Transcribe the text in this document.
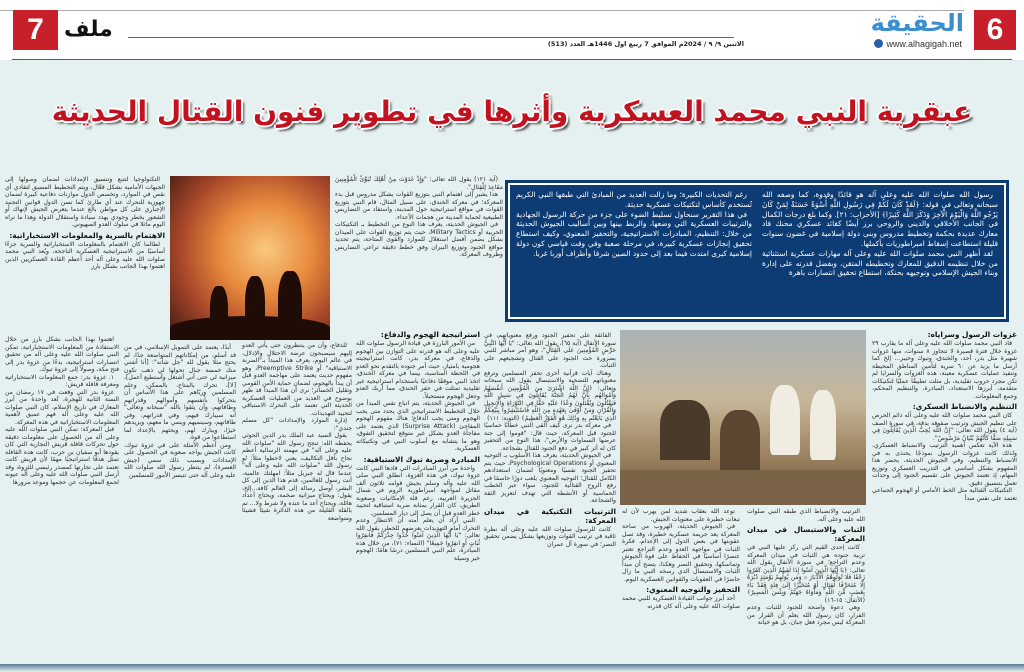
6
الحقيقة
www.alhagigah.net
الاثنين ٩/ ٩ / 2024م الموافق 7 ربيع اول 1446هـ العدد (513)
7 ملف
عبقرية النبي محمد العسكرية وأثرها في تطوير فنون القتال الحديثة
رغم التحديات الكبيرة؛ وما زالت العديد من المبادئ التي طبقها النبي الكريم تُستخدم كأساس لتكتيكات عسكرية حديثة.
في هذا التقرير سنحاول تسليط الضوء على جزء من حركة الرسول الجهادية والترتيبات العسكرية التي وضعها، والربط بينها وبين أساليب الجيوش الحديثة من خلال: التنظيم، المبادرات الاستراتيجية، والتحفيز المعنوي، وكيف استطاع تحقيق إنجازات عسكرية كبيرة، في مرحلة صعبة وفي وقت قياسي كون دولة إسلامية كبرى امتدت فيما بعد إلى حدود الصين شرقا وأطراف أوربا غربا.
رسول الله صلوات الله عليه وعلى آله هو قائدًا وقدوة، كما وصفه الله سبحانه وتعالى في قوله: ﴿لَقَدْ كَانَ لَكُمْ فِي رَسُولِ اللَّهِ أُسْوَةٌ حَسَنَةٌ لِمَنْ كَانَ يَرْجُو اللَّهَ وَالْيَوْمَ الْآخِرَ وَذَكَرَ اللَّهَ كَثِيرًا﴾ [الأحزاب: ٢١]. وكما بلغ درجات الكمال في الجانب الأخلاقي والديني والروحي برز أيضًا كقائد عسكري محنك قاد معارك عديدة بحكمة وتخطيط مدروس وبنى دولة إسلامية في غضون سنوات قليلة استطاعت إسقاط امبراطوريات بأكملها.
لقد أظهر النبي محمد صلوات الله عليه وعلى آله مهارات عسكرية استثنائية من خلال تنظيمه الدقيق للمعارك وتخطيطه المتقن، وبفضل قدرته على إدارة وبناء الجيش الإسلامي وتوجيهه بحنكة، استطاع تحقيق انتصارات باهرة
التكنولوجيا لتتبع وتنسيق الإمدادات لضمان وصولها إلى الجبهات الأمامية بشكل فعّال، ويتم التخطيط المسبق لتفادي أي نقص في الموارد، وتخصص الدول موازنات دفاعية كبيرة لضمان جهوزية للتحرك عند أي طارئ كما تسن الدول قوانين التجنيد الإجباري على كل مواطن بالغ عندما يتعرض الجيش لإنهاك أو الشعور بخطر وجودي يهدد سيادة واستقلال الدولة وهذا ما نراه اليوم ماثلا في سلوك العدو الصهيوني.
الاهتمام بالسرية والمعلومات الاستخباراتية:
لطالما كان الاهتمام بالمعلومات الاستخباراتية والسرية جزءًا أساسيًا من الاستراتيجية العسكرية الناجحة، ويُعد النبي محمد صلوات الله عليه وعلى آله أحد أعظم القادة العسكريين الذين اهتموا بهذا الجانب بشكل بارز
(آية ١٢١) يقول الله تعالى: "وَإِذْ غَدَوْتَ مِنْ أَهْلِكَ تُبَوِّئُ الْمُؤْمِنِينَ مَقَاعِدَ لِلْقِتَالِ".
هذا يشير إلى اهتمام النبي بتوزيع القوات بشكل مدروس قبل بدء المعركة؛ في معركة الخندق، على سبيل المثال، قام النبي بتوزيع القوات في مواقع استراتيجية حول المدينة، واستفاد من التضاريس الطبيعية لحماية المدينة من هجمات الأعداء.
في الجيوش الحديثة، يعرف هذا النوع من التخطيط بـ التكتيكات الحربية أو Military Tactics، حيث يتم توزيع القوات على الميدان بشكل يضمن أفضل استغلال للموارد والقوى المتاحة، يتم تحديد مواقع الجنود وتوزيع النيران وفق خطط دقيقة تراعي التضاريس وظروف المعركة.
غزوات الرسول وسراياه:
قاد النبي محمد صلوات الله عليه وعلى آله ما يقارب ٢٩ غزوة خلال فترة قصيرة لا تتجاوز ٨ سنوات، منها غزوات شهيرة مثل بدر، أحد، والخندق، وتبوك وخيبر... إلخ كما أرسل ما يزيد عن ٦٠ سرية لتأمين المناطق المحيطة وتنفيذ عمليات عسكرية معينة، هذه الغزوات والسرايا لم تكن مجرد حروب تقليدية، بل مثلت تطبيقًا عمليًا لتكتيكات متقدمة، أبرزها الاستعداد، المبادرة، والتنظيم المحكم، وجمع المعلومات.
التنظيم والانضباط العسكري:
كان النبي محمد صلوات الله عليه وعلى آله دائم الحرص على تنظيم الجيش وترتيب صفوفه بدقة، في سورة الصف (آية ٤) يقول الله تعالى: "إِنَّ اللَّهَ يُحِبُّ الَّذِينَ يُقَاتِلُونَ فِي سَبِيلِهِ صَفًّا كَأَنَّهُمْ بُنْيَانٌ مَرْصُوصٌ".
هذه الآية تعكس أهمية الترتيب والانضباط العسكري، ولذلك كانت غزوات الرسول نموذجًا يحتذى به في الانضباط والتنظيم، وفي الجيوش الحديثة، يحضر هذا المفهوم بشكل أساسي في التدريب العسكري وتوزيع المهام، إذ تعتمد الجيوش على تقسيم الجنود إلى وحدات تعمل بتنسيق دقيق.
التكتيكات القتالية مثل الخط الأمامي أو الهجوم الجماعي تعتمد على نفس مبدأ
الترتيب والانضباط الذي طبقه النبي صلوات الله عليه وعلى آله.
الثبات والاستبسال في ميدان المعركة:
كانت إحدى القيم التي ركز عليها النبي في تربية جنوده هي الثبات في ميدان المعركة وعدم التراجع؛ في سورة الأنفال يقول الله تعالى: ﴿يَا أَيُّهَا الَّذِينَ آمَنُوا إِذَا لَقِيتُمُ الَّذِينَ كَفَرُوا زَحْفًا فَلَا تُوَلُّوهُمُ الْأَدْبَارَ ۞ وَمَن يُوَلِّهِمْ يَوْمَئِذٍ دُبُرَهُ إِلَّا مُتَحَرِّفًا لِّقِتَالٍ أَوْ مُتَحَيِّزًا إِلَىٰ فِئَةٍ فَقَدْ بَاءَ بِغَضَبٍ مِّنَ اللَّهِ وَمَأْوَاهُ جَهَنَّمُ وَبِئْسَ الْمَصِيرُ﴾ (الأنفال: ١٥-١٦)
وهي دعوة واضحة للجنود للثبات وعدم الفرار، كان رسول الله يعلم أن الفرار من المعركة ليس مجرد فعل جبان، بل هو خيانة
توعد الله بعقاب شديد لمن يهرب لأن له تبعات خطيرة على معنويات الجيش.
في الجيوش الحديثة، الهروب من ساحة المعركة يعد جريمة عسكرية خطيرة، وقد تصل عقوبتها في بعض الدول إلى الإعدام، فكرة الثبات في مواجهة العدو وعدم التراجع تعتبر عنصرًا أساسيًا في الحفاظ على قوة الجيوش وتماسكها، وتحقيق النصر وهكذا، يتضح أن مبدأ الثبات والاستبسال الذي رسخه النبي ما زال حاضرًا في العقوبات والقوانين العسكرية اليوم.
التحفيز والتوجيه المعنوي:
أحد أبرز جوانب القيادة العسكرية للنبي محمد صلوات الله عليه وعلى آله كان قدرته
الفائقة على تحفيز الجنود ورفع معنوياتهم، في سورة الأنفال (آية ٦٥)، يقول الله تعالى: "يَا أَيُّهَا النَّبِيُّ حَرِّضِ الْمُؤْمِنِينَ عَلَى الْقِتَالِ"، وهو أمر مباشر للنبي بضرورة حث الجنود على القتال وتشجيعهم على الثبات.
وهناك آيات قرآنية أخرى تحفز المسلمين وترفع معنوياتهم للتضحية والاستبسال يقول الله سبحانه وتعالى: ﴿إِنَّ اللَّهَ اشْتَرَىٰ مِنَ الْمُؤْمِنِينَ أَنفُسَهُمْ وَأَمْوَالَهُم بِأَنَّ لَهُمُ الْجَنَّةَ يُقَاتِلُونَ فِي سَبِيلِ اللَّهِ فَيَقْتُلُونَ وَيُقْتَلُونَ وَعْدًا عَلَيْهِ حَقًّا فِي التَّوْرَاةِ وَالْإِنجِيلِ وَالْقُرْآنِ وَمَنْ أَوْفَىٰ بِعَهْدِهِ مِنَ اللَّهِ فَاسْتَبْشِرُوا بِبَيْعِكُمُ الَّذِي بَايَعْتُم بِهِ وَذَٰلِكَ هُوَ الْفَوْزُ الْعَظِيمُ﴾ (التوبة: ١١١)
في معركة بدر نرى كيف ألقى النبي خطابًا حماسيًا للجنود قبل المعركة، حيث قال: "قوموا إلى جنة عرضها السماوات والأرض"، هذا النوع من التحفيز كان له أثر كبير في دفع الجنود للقتال بشجاعة.
في الجيوش الحديثة، يعرف هذا الأسلوب بـ التوجيه المعنوي أو Psychological Operations، حيث يتم تحفيز الجنود نفسيًا ومعنويًا لضمان استعدادهم الكامل للقتال؛ التوجيه المعنوي يلعب دورًا حاسمًا في رفع الروح القتالية للجنود، سواء عبر الخطب الحماسية أو الأنشطة التي تهدف لتعزيز الثقة والشجاعة.
الترتيبات التكتيكية في ميدان المعركة:
كانت للرسول صلوات الله عليه وعلى آله نظرة ثاقبة في ترتيب القوات وتوزيعها بشكل يضمن تحقيق النصر؛ في سورة آل عمران
استراتيجية الهجوم والدفاع:
من الأمور البارزة في قيادة الرسول صلوات الله عليه وعلى آله هو قدرته على التوازن بين الهجوم والدفاع، في معركة بدر، كانت استراتيجيته هجومية بامتياز، حيث أمر جنوده بالتقدم نحو العدو في اللحظة المناسبة، بينما في معركة الخندق، اتخذ النبي موقفًا دفاعيًا باستخدام استراتيجية غير تقليدية تمثلت في حفر الخندق، مما أربك العدو وجعل الهجوم مستحيلاً.
في الجيوش الحديثة، يتم اتباع نفس المبدأ من خلال التخطيط الاستراتيجي الذي يحدد متى يجب الهجوم ومتى يجب الدفاع؛ هناك مفهوم الهجوم المفاجئ (Surprise Attack) الذي يعتمد على مفاجأة العدو بشكل غير متوقع لتحقيق التفوق، وهو ما يتشابه مع أسلوب النبي في وتكتيكاته العسكرية.
المبادرة وضربة تبوك الاستباقية:
واحدة من أبرز المبادرات التي قادها النبي كانت غزوة تبوك، في هذه الغزوة، انطلق النبي صلى الله عليه وآله وسلم بجيش قوامه ثلاثون ألف مقاتل لمواجهة امبراطورية الروم في شمال الجزيرة العربية، رغم قلة الإمكانيات وصعوبة الطريق، كان القرار بمثابة ضربة استباقية لتحييد خطر العدو قبل أن يصل إلى ديار المسلمين.
النبي أراد أن يعلم أمته أن الانتظار وعدم التحرك أمام التهديدات يعرضهم للخطر، يقول الله تعالى: "يَا أَيُّهَا الَّذِينَ آمَنُوا خُذُوا حِذْرَكُمْ فَانفِرُوا ثُبَاتٍ أَوِ انفِرُوا جَمِيعًا" (النساء: ٧١)، من خلال هذه المبادرة، علم النبي المسلمين درسًا هامًا: الهجوم خير وسيلة
للدفاع، وأن من ينتظرون حتى يأتي العدو إليهم سيصبحون عرضة الاحتلال والإذلال، في عالم اليوم، يعرف هذا المبدأ بـ"الضربة الاستباقية" أو Preemptive Strike، وهو مفهوم حديث يعتمد على مهاجمة العدو قبل أن يبدأ بالهجوم، لضمان حماية الأمن القومي وتقليل الخسائر؛ نرى أن هذا المبدأ قد ظهر بوضوح في العديد من العمليات العسكرية الحديثة التي تعتمد على التحرك الاستباقي لتحييد التهديدات.
إدارة الموارد والإمدادات "كل مسلم جندي":
يقول السيد عبد الملك بدر الدين الحوثي يحفظه الله: تنجح رسول الله "صلوات الله عليه وعلى آله" في مهمته الرسالية أعظم نجاح بأقل التكاليف، يعني لاحظوا مثلاً: لو رسول الله "صلوات الله عليه وعلى آله" عندما قال له جبريل مثلاً: امهلتك عالمية، أنت رسول للعالمين، قدم هذا الدين إلى كل البشر، أوصل رسالة إلى العالم كافة...إلخ، يقول: ويحتاج ميزانية ضخمة، ويحتاج أعداد هائلة، ويحتاج أعد ما عنده ولا شرط ولا... تم بالقلة القليلة من هذه الدائرة شيئا فشيئا ومتواضعة
أبدًا، يعتمد على التمويل الإسلامي، في من قد أسلم، من إمكاناتهم المتواضعة جدًا، لم يحتج مثلًا يقول لله "جل شأنه": [أنا أشتي منك خمسة جبال تحولها لي ذهب تكون ميزانية لي حتى أني أشتغل وأستطيع أعمل]، [لا]، تحرك بالمتاح، بالممكن، وعلم المسلمين وربّاهم على هذا الأساس أن يتحركوا بأنفسهم وأموالهم وقدراتهم وطاقاتهم، وأن يثقوا بالله "سبحانه وتعالى" أنه سيبارك فيهم، وفي قدراتهم، وفي طاقاتهم، وسينميهم وينمي ما معهم، ويزيدهم خيرًا، ويبارك لهم، ويحثهم بالإعداد لما استطاعوا من قوة.
ومن أعظم الأمثلة على في غزوة تبوك، كانت الجيش يواجه صعوبة في الحصول على الإمدادات وبسبب ذلك سمي (جيش العسرة)، لم ينتظر رسول الله صلوات الله عليه وعلى آله حتى تتيسر الأمور للمسلمين
اهتموا بهذا الجانب بشكل بارز من خلال الاستفادة من المعلومات الاستخباراتية، تمكن النبي صلوات الله عليه وعلى آله من تحقيق انتصارات استراتيجية، بدءًا من غزوة بدر إلى فتح مكة، وصولاً إلى غزوة تبوك.
١. غزوة بدر: جمع المعلومات الاستخباراتية ومعرفة قافلة قريش:
غزوة بدر التي وقعت في ١٧ رمضان من السنة الثانية للهجرة، تُعد واحدة من أبرز المعارك في تاريخ الإسلام، كان النبي صلوات الله عليه وعلى آله فهم عميق لأهمية المعلومات الاستخباراتية في هذه المعركة.
قبل المعركة: تمكن النبي صلوات الله عليه وعلى آله من الحصول على معلومات دقيقة حول تحركات قافلة قريش التجارية التي كان يقودها أبو سفيان بن حرب، كانت هذه القافلة تمثل هدفًا استراتيجيًا مهمًا لأن قريش كانت تعتمد على تجارتها كمصدر رئيسي للثروة، وقد أرسل النبي صلوات الله عليه وعلى آله عيونه لجمع المعلومات عن حجمها وموعد مرورها
